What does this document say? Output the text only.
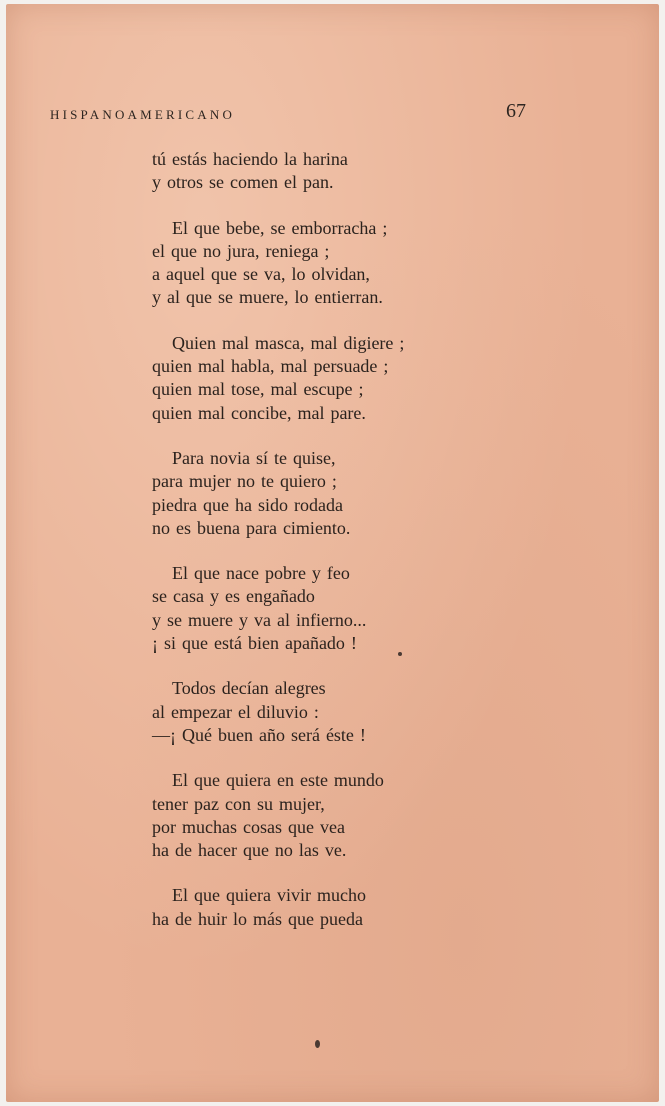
HISPANOAMERICANO	67
tú estás haciendo la harina
y otros se comen el pan.
El que bebe, se emborracha ;
el que no jura, reniega ;
a aquel que se va, lo olvidan,
y al que se muere, lo entierran.
Quien mal masca, mal digiere ;
quien mal habla, mal persuade ;
quien mal tose, mal escupe ;
quien mal concibe, mal pare.
Para novia sí te quise,
para mujer no te quiero ;
piedra que ha sido rodada
no es buena para cimiento.
El que nace pobre y feo
se casa y es engañado
y se muere y va al infierno...
¡ si que está bien apañado !
Todos decían alegres
al empezar el diluvio :
—¡ Qué buen año será éste !
El que quiera en este mundo
tener paz con su mujer,
por muchas cosas que vea
ha de hacer que no las ve.
El que quiera vivir mucho
ha de huir lo más que pueda
